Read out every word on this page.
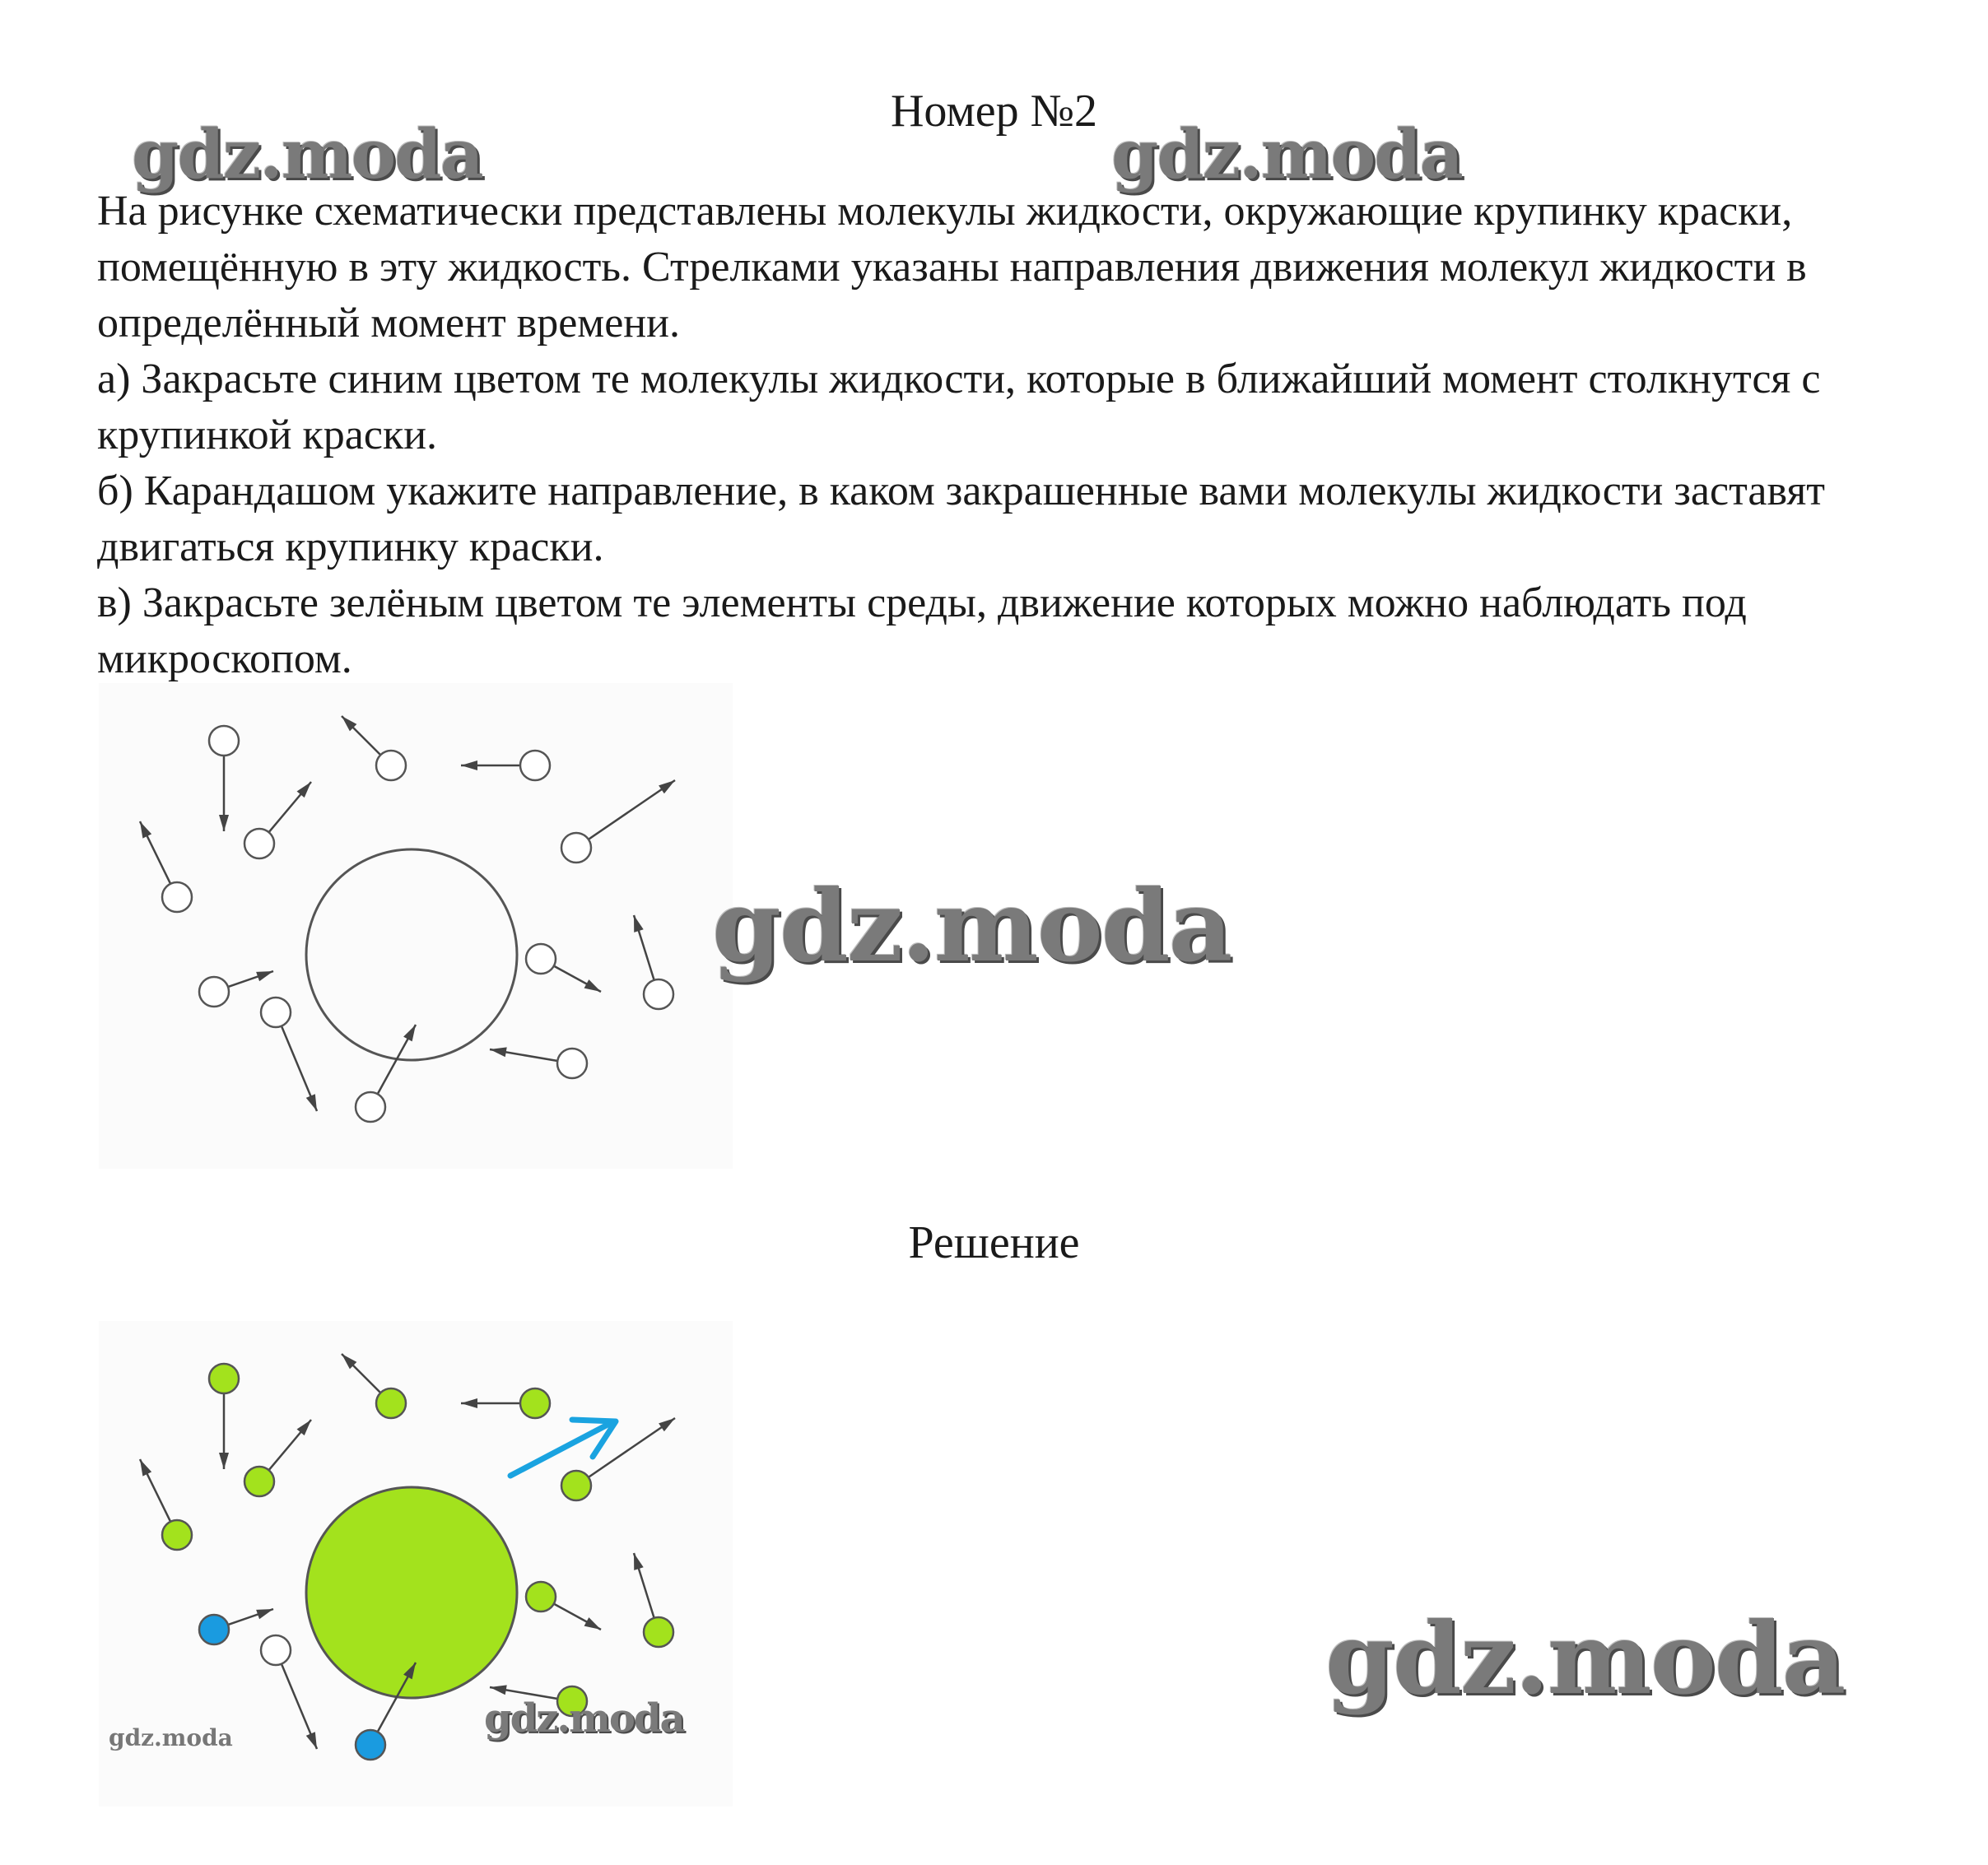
Номер №2
gdz.moda	gdz.moda

На рисунке схематически представлены молекулы жидкости, окружающие крупинку краски, помещённую в эту жидкость. Стрелками указаны направления движения молекул жидкости в определённый момент времени.

а) Закрасьте синим цветом те молекулы жидкости, которые в ближайший момент столкнутся с крупинкой краски.

б) Карандашом укажите направление, в каком закрашенные вами молекулы жидкости заставят двигаться крупинку краски.

в) Закрасьте зелёным цветом те элементы среды, движение которых можно наблюдать под микроскопом.

gdz.moda
Решение
gdz.moda
gdz.moda	gdz.moda
